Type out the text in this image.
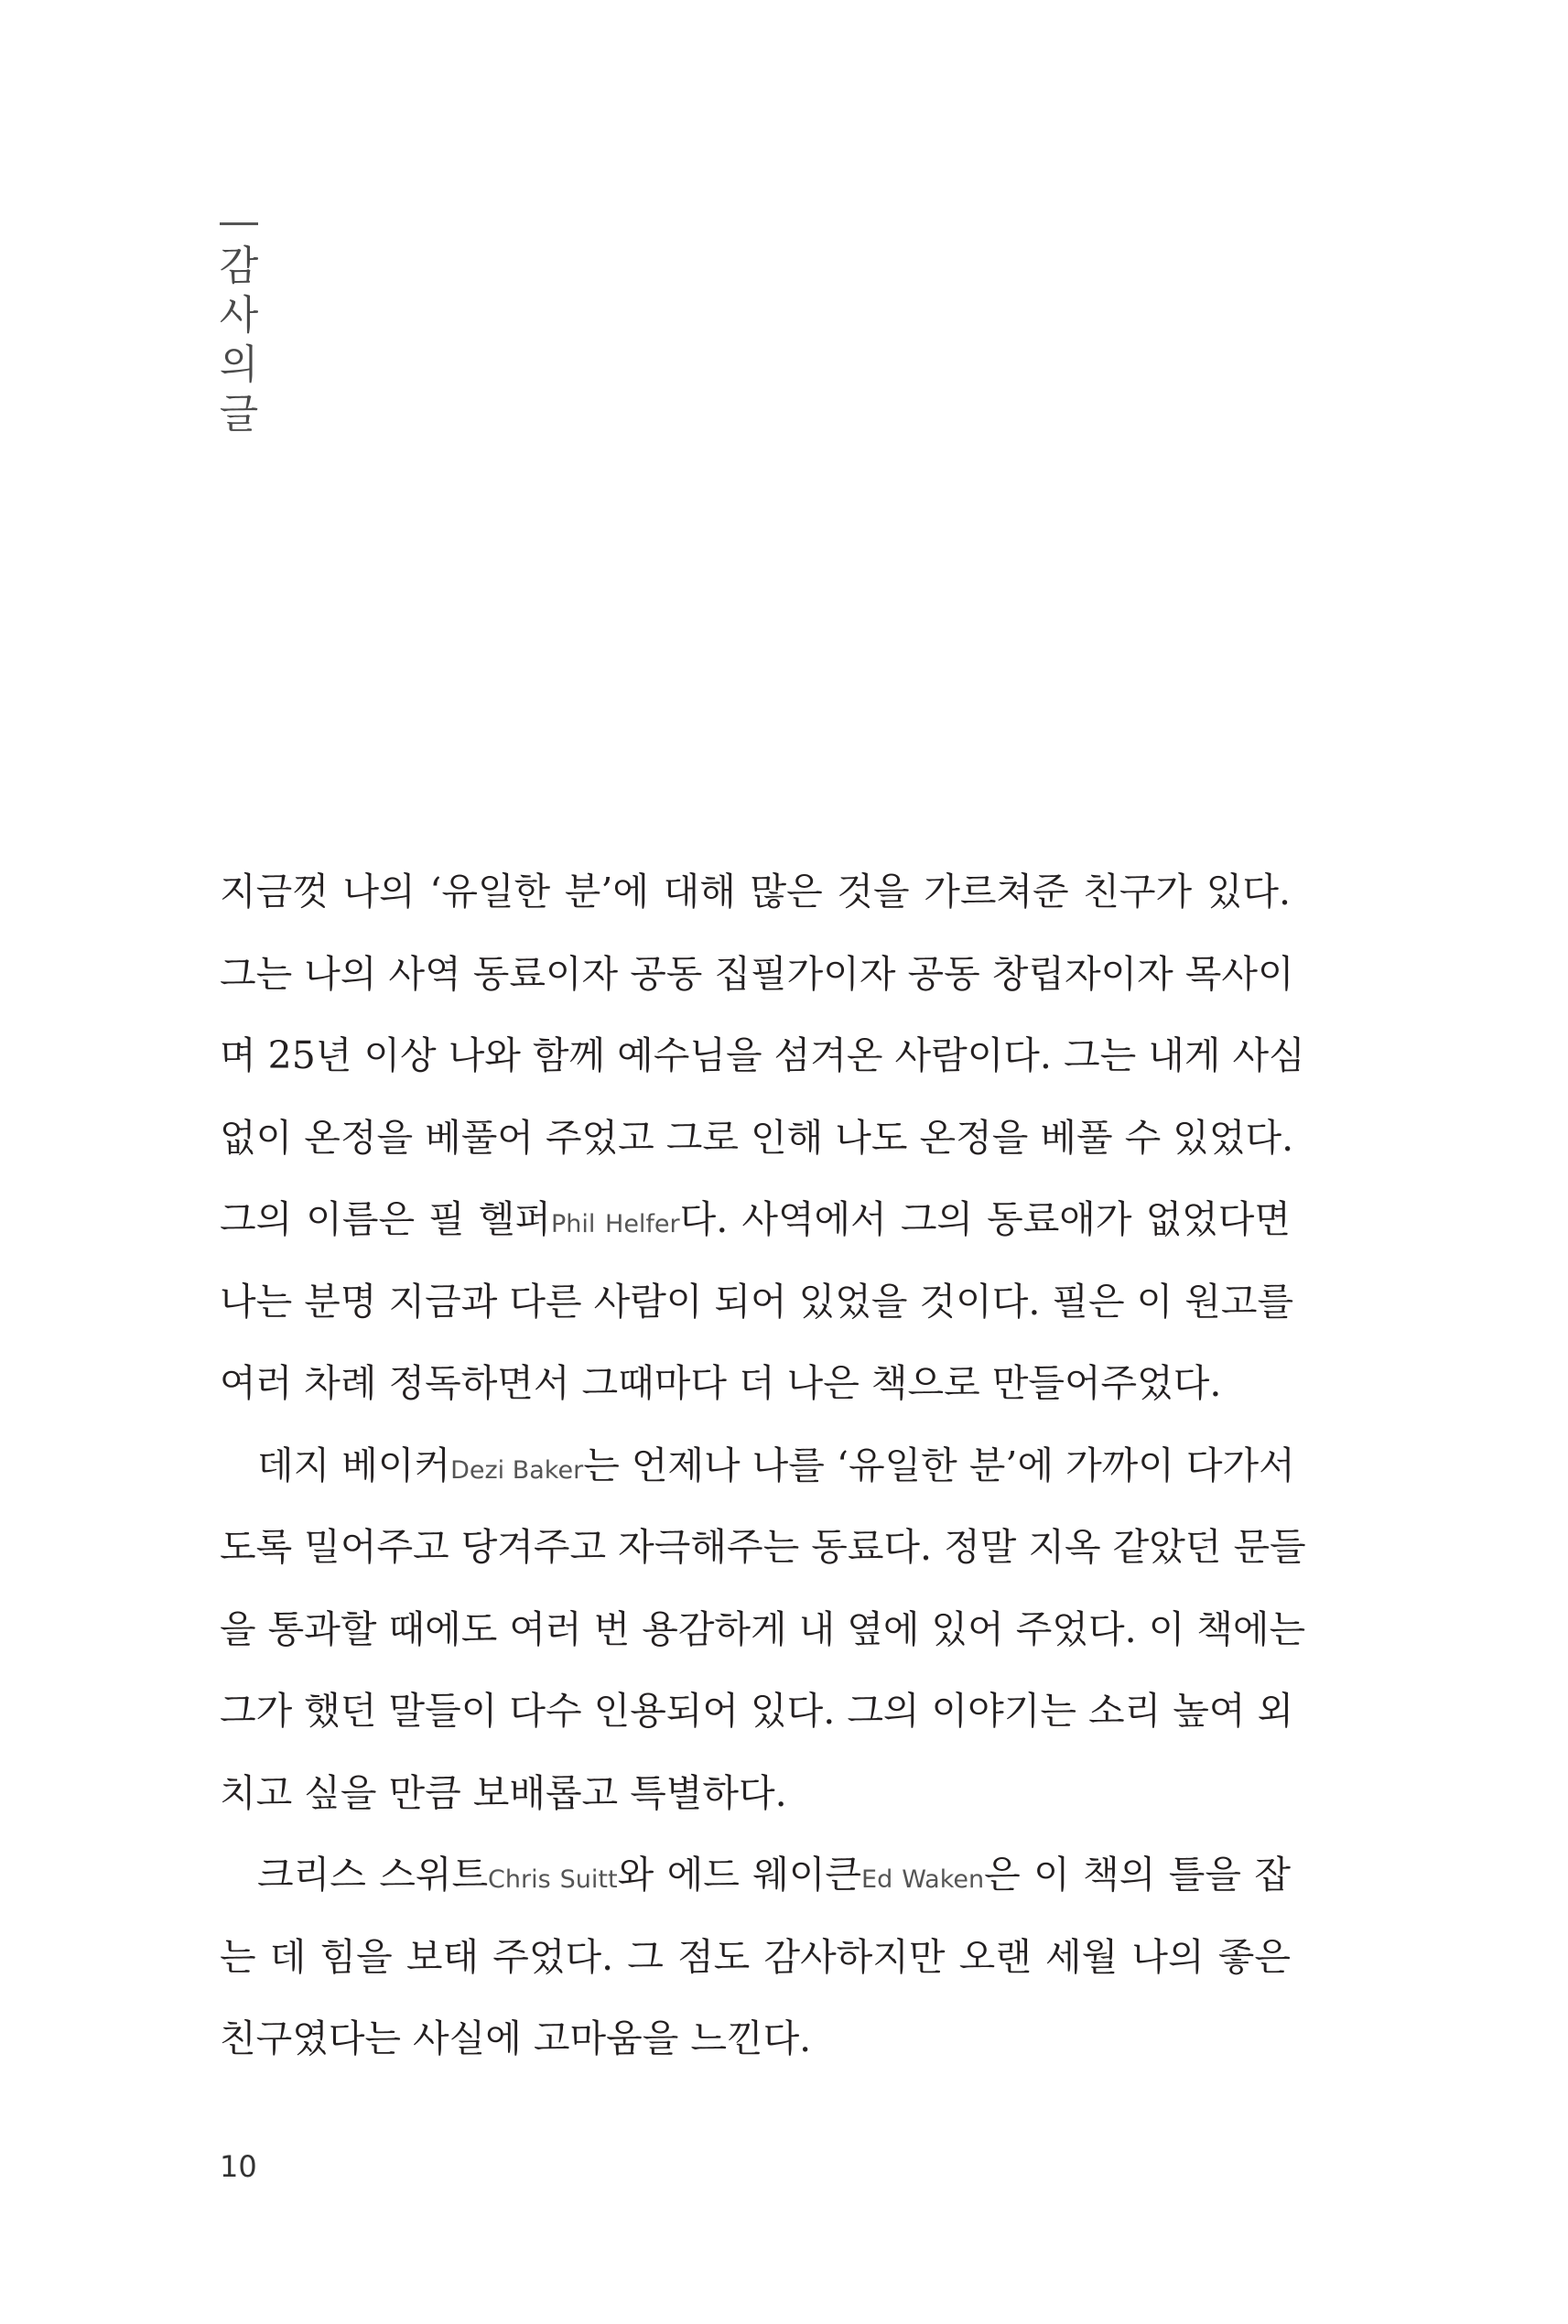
감
사
의
글
지금껏 나의 ‘유일한 분’에 대해 많은 것을 가르쳐준 친구가 있다.
그는 나의 사역 동료이자 공동 집필가이자 공동 창립자이자 목사이
며 25년 이상 나와 함께 예수님을 섬겨온 사람이다. 그는 내게 사심
없이 온정을 베풀어 주었고 그로 인해 나도 온정을 베풀 수 있었다.
그의 이름은 필 헬퍼Phil Helfer다. 사역에서 그의 동료애가 없었다면
나는 분명 지금과 다른 사람이 되어 있었을 것이다. 필은 이 원고를
여러 차례 정독하면서 그때마다 더 나은 책으로 만들어주었다.
데지 베이커Dezi Baker는 언제나 나를 ‘유일한 분’에 가까이 다가서
도록 밀어주고 당겨주고 자극해주는 동료다. 정말 지옥 같았던 문들
을 통과할 때에도 여러 번 용감하게 내 옆에 있어 주었다. 이 책에는
그가 했던 말들이 다수 인용되어 있다. 그의 이야기는 소리 높여 외
치고 싶을 만큼 보배롭고 특별하다.
크리스 스위트Chris Suitt와 에드 웨이큰Ed Waken은 이 책의 틀을 잡
는 데 힘을 보태 주었다. 그 점도 감사하지만 오랜 세월 나의 좋은
친구였다는 사실에 고마움을 느낀다.
10
